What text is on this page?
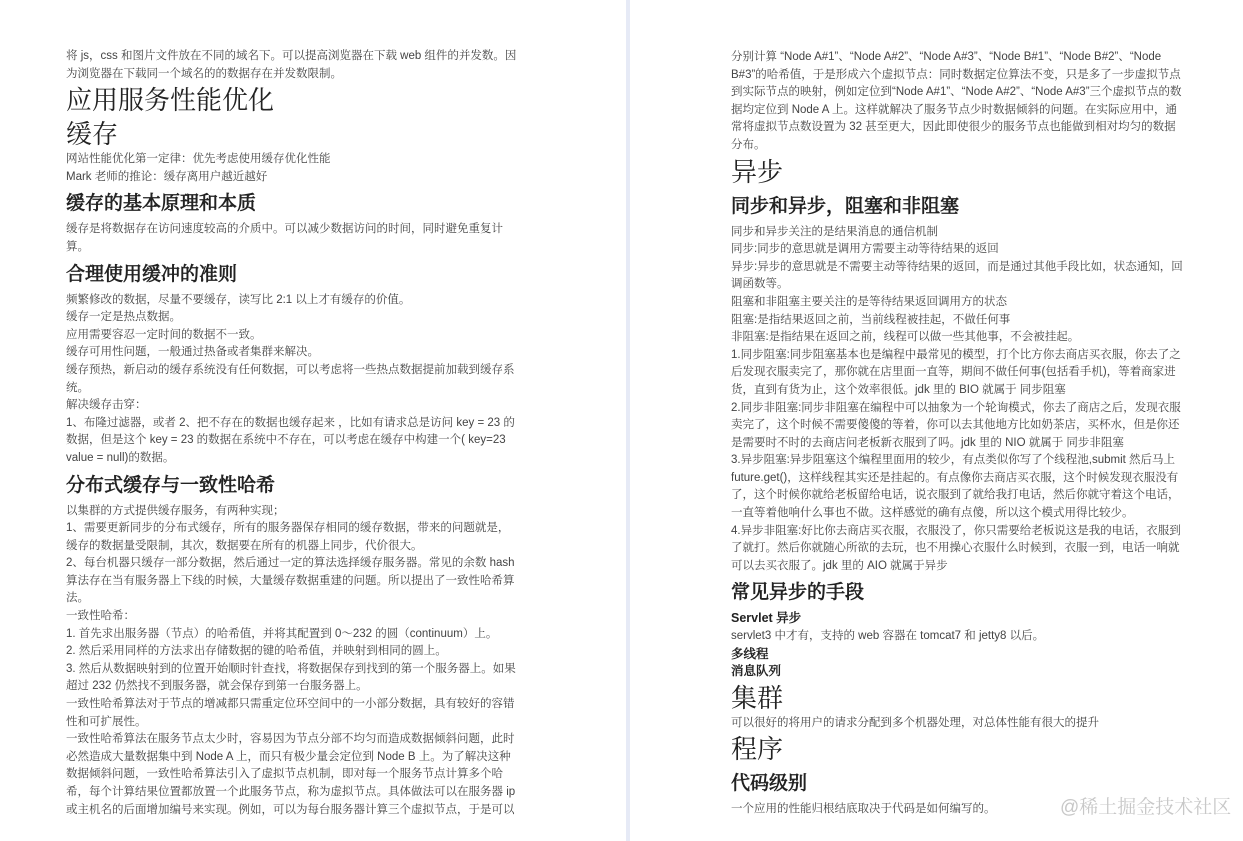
将 js，css 和图片文件放在不同的域名下。可以提高浏览器在下载 web 组件的并发数。因
为浏览器在下载同一个域名的的数据存在并发数限制。
应用服务性能优化
缓存
网站性能优化第一定律：优先考虑使用缓存优化性能
Mark 老师的推论：缓存离用户越近越好
缓存的基本原理和本质
缓存是将数据存在访问速度较高的介质中。可以减少数据访问的时间，同时避免重复计
算。
合理使用缓冲的准则
频繁修改的数据，尽量不要缓存，读写比 2:1 以上才有缓存的价值。
缓存一定是热点数据。
应用需要容忍一定时间的数据不一致。
缓存可用性问题，一般通过热备或者集群来解决。
缓存预热，新启动的缓存系统没有任何数据，可以考虑将一些热点数据提前加载到缓存系
统。
解决缓存击穿：
1、布隆过滤器，或者 2、把不存在的数据也缓存起来 ，比如有请求总是访问 key = 23 的
数据，但是这个 key = 23 的数据在系统中不存在，可以考虑在缓存中构建一个( key=23
value = null)的数据。
分布式缓存与一致性哈希
以集群的方式提供缓存服务，有两种实现；
1、需要更新同步的分布式缓存，所有的服务器保存相同的缓存数据，带来的问题就是，
缓存的数据量受限制，其次，数据要在所有的机器上同步，代价很大。
2、每台机器只缓存一部分数据，然后通过一定的算法选择缓存服务器。常见的余数 hash
算法存在当有服务器上下线的时候，大量缓存数据重建的问题。所以提出了一致性哈希算
法。
一致性哈希：
1. 首先求出服务器（节点）的哈希值，并将其配置到 0～232 的圆（continuum）上。
2. 然后采用同样的方法求出存储数据的键的哈希值，并映射到相同的圆上。
3. 然后从数据映射到的位置开始顺时针查找，将数据保存到找到的第一个服务器上。如果
超过 232 仍然找不到服务器，就会保存到第一台服务器上。
一致性哈希算法对于节点的增减都只需重定位环空间中的一小部分数据，具有较好的容错
性和可扩展性。
一致性哈希算法在服务节点太少时，容易因为节点分部不均匀而造成数据倾斜问题，此时
必然造成大量数据集中到 Node A 上，而只有极少量会定位到 Node B 上。为了解决这种
数据倾斜问题，一致性哈希算法引入了虚拟节点机制，即对每一个服务节点计算多个哈
希，每个计算结果位置都放置一个此服务节点，称为虚拟节点。具体做法可以在服务器 ip
或主机名的后面增加编号来实现。例如，可以为每台服务器计算三个虚拟节点，于是可以
分别计算 “Node A#1”、“Node A#2”、“Node A#3”、“Node B#1”、“Node B#2”、“Node
B#3”的哈希值，于是形成六个虚拟节点：同时数据定位算法不变，只是多了一步虚拟节点
到实际节点的映射，例如定位到“Node A#1”、“Node A#2”、“Node A#3”三个虚拟节点的数
据均定位到 Node A 上。这样就解决了服务节点少时数据倾斜的问题。在实际应用中，通
常将虚拟节点数设置为 32 甚至更大，因此即使很少的服务节点也能做到相对均匀的数据
分布。
异步
同步和异步，阻塞和非阻塞
同步和异步关注的是结果消息的通信机制
同步:同步的意思就是调用方需要主动等待结果的返回
异步:异步的意思就是不需要主动等待结果的返回，而是通过其他手段比如，状态通知，回
调函数等。
阻塞和非阻塞主要关注的是等待结果返回调用方的状态
阻塞:是指结果返回之前，当前线程被挂起，不做任何事
非阻塞:是指结果在返回之前，线程可以做一些其他事，不会被挂起。
1.同步阻塞:同步阻塞基本也是编程中最常见的模型，打个比方你去商店买衣服，你去了之
后发现衣服卖完了，那你就在店里面一直等，期间不做任何事(包括看手机)，等着商家进
货，直到有货为止，这个效率很低。jdk 里的 BIO 就属于 同步阻塞
2.同步非阻塞:同步非阻塞在编程中可以抽象为一个轮询模式，你去了商店之后，发现衣服
卖完了，这个时候不需要傻傻的等着，你可以去其他地方比如奶茶店，买杯水，但是你还
是需要时不时的去商店问老板新衣服到了吗。jdk 里的 NIO 就属于 同步非阻塞
3.异步阻塞:异步阻塞这个编程里面用的较少，有点类似你写了个线程池,submit 然后马上
future.get()，这样线程其实还是挂起的。有点像你去商店买衣服，这个时候发现衣服没有
了，这个时候你就给老板留给电话，说衣服到了就给我打电话，然后你就守着这个电话，
一直等着他响什么事也不做。这样感觉的确有点傻，所以这个模式用得比较少。
4.异步非阻塞:好比你去商店买衣服，衣服没了，你只需要给老板说这是我的电话，衣服到
了就打。然后你就随心所欲的去玩，也不用操心衣服什么时候到，衣服一到，电话一响就
可以去买衣服了。jdk 里的 AIO 就属于异步
常见异步的手段
Servlet 异步
servlet3 中才有，支持的 web 容器在 tomcat7 和 jetty8 以后。
多线程
消息队列
集群
可以很好的将用户的请求分配到多个机器处理，对总体性能有很大的提升
程序
代码级别
一个应用的性能归根结底取决于代码是如何编写的。	@稀土掘金技术社区
